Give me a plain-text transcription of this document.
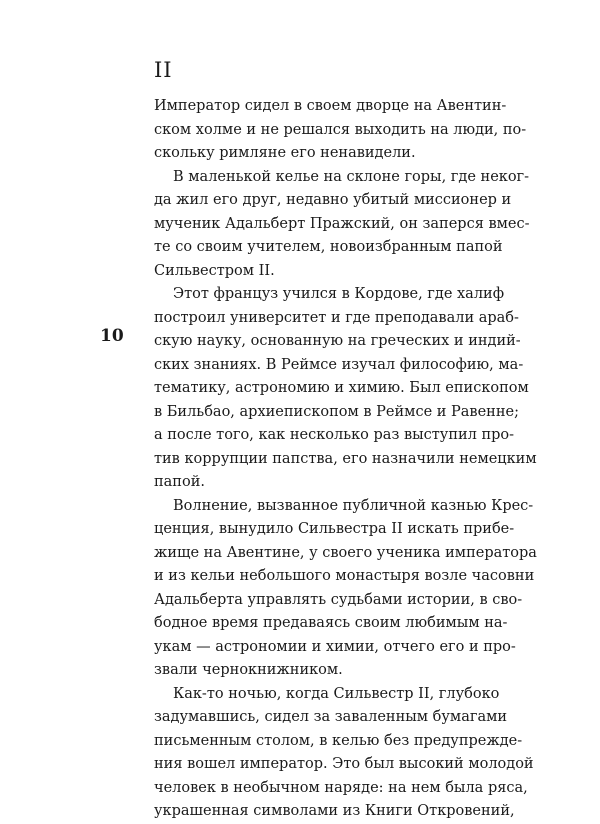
II
10
Император сидел в своем дворце на Авентин-
ском холме и не решался выходить на люди, по-
скольку римляне его ненавидели.
В маленькой келье на склоне горы, где неког-
да жил его друг, недавно убитый миссионер и
мученик Адальберт Пражский, он заперся вмес-
те со своим учителем, новоизбранным папой
Сильвестром II.
Этот француз учился в Кордове, где халиф
построил университет и где преподавали араб-
скую науку, основанную на греческих и индий-
ских знаниях. В Реймсе изучал философию, ма-
тематику, астрономию и химию. Был епископом
в Бильбао, архиепископом в Реймсе и Равенне;
а после того, как несколько раз выступил про-
тив коррупции папства, его назначили немецким
папой.
Волнение, вызванное публичной казнью Крес-
ценция, вынудило Сильвестра II искать прибе-
жище на Авентине, у своего ученика императора
и из кельи небольшого монастыря возле часовни
Адальберта управлять судьбами истории, в сво-
бодное время предаваясь своим любимым на-
укам — астрономии и химии, отчего его и про-
звали чернокнижником.
Как-то ночью, когда Сильвестр II, глубоко
задумавшись, сидел за заваленным бумагами
письменным столом, в келью без предупрежде-
ния вошел император. Это был высокий молодой
человек в необычном наряде: на нем была ряса,
украшенная символами из Книги Откровений,
